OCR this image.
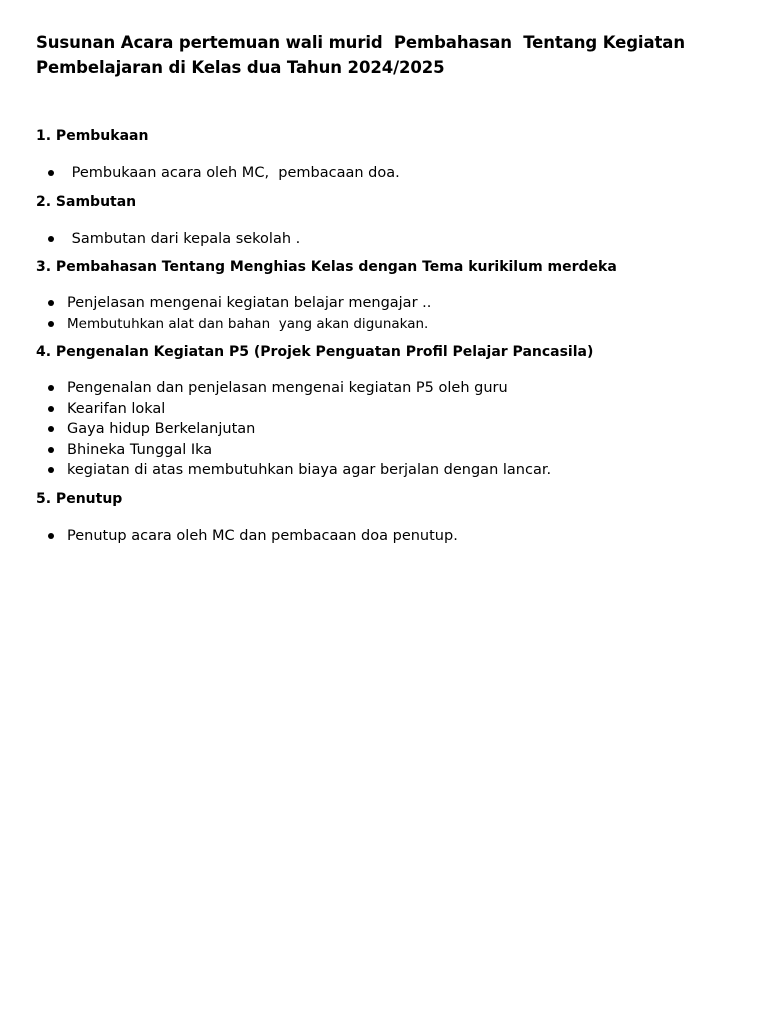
Susunan Acara pertemuan wali murid  Pembahasan  Tentang Kegiatan Pembelajaran di Kelas dua Tahun 2024/2025
1. Pembukaan
Pembukaan acara oleh MC,  pembacaan doa.
2. Sambutan
Sambutan dari kepala sekolah .
3. Pembahasan Tentang Menghias Kelas dengan Tema kurikilum merdeka
Penjelasan mengenai kegiatan belajar mengajar ..
Membutuhkan alat dan bahan  yang akan digunakan.
4. Pengenalan Kegiatan P5 (Projek Penguatan Profil Pelajar Pancasila)
Pengenalan dan penjelasan mengenai kegiatan P5 oleh guru
Kearifan lokal
Gaya hidup Berkelanjutan
Bhineka Tunggal Ika
kegiatan di atas membutuhkan biaya agar berjalan dengan lancar.
5. Penutup
Penutup acara oleh MC dan pembacaan doa penutup.
